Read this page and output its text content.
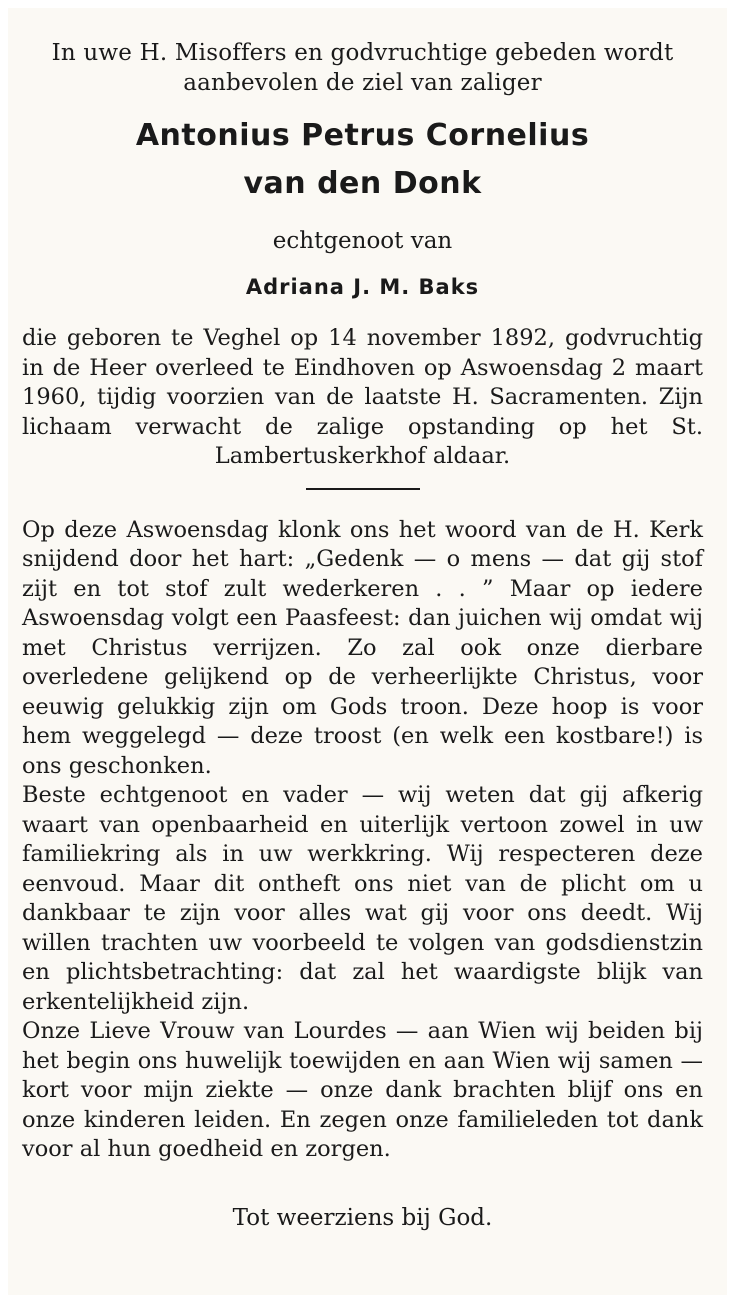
In uwe H. Misoffers en godvruchtige gebeden wordt aanbevolen de ziel van zaliger

Antonius Petrus Cornelius
van den Donk

echtgenoot van

Adriana J. M. Baks

die geboren te Veghel op 14 november 1892, godvruchtig in de Heer overleed te Eindhoven op Aswoensdag 2 maart 1960, tijdig voorzien van de laatste H. Sacramenten. Zijn lichaam verwacht de zalige opstanding op het St. Lambertuskerkhof aldaar.

Op deze Aswoensdag klonk ons het woord van de H. Kerk snijdend door het hart: „Gedenk — o mens — dat gij stof zijt en tot stof zult wederkeren . . ” Maar op iedere Aswoensdag volgt een Paasfeest: dan juichen wij omdat wij met Christus verrijzen. Zo zal ook onze dierbare overledene gelijkend op de verheerlijkte Christus, voor eeuwig gelukkig zijn om Gods troon. Deze hoop is voor hem weggelegd — deze troost (en welk een kostbare!) is ons geschonken.

Beste echtgenoot en vader — wij weten dat gij afkerig waart van openbaarheid en uiterlijk vertoon zowel in uw familiekring als in uw werkkring. Wij respecteren deze eenvoud. Maar dit ontheft ons niet van de plicht om u dankbaar te zijn voor alles wat gij voor ons deedt. Wij willen trachten uw voorbeeld te volgen van godsdienstzin en plichtsbetrachting: dat zal het waardigste blijk van erkentelijkheid zijn.

Onze Lieve Vrouw van Lourdes — aan Wien wij beiden bij het begin ons huwelijk toewijden en aan Wien wij samen — kort voor mijn ziekte — onze dank brachten blijf ons en onze kinderen leiden. En zegen onze familieleden tot dank voor al hun goedheid en zorgen.

Tot weerziens bij God.
